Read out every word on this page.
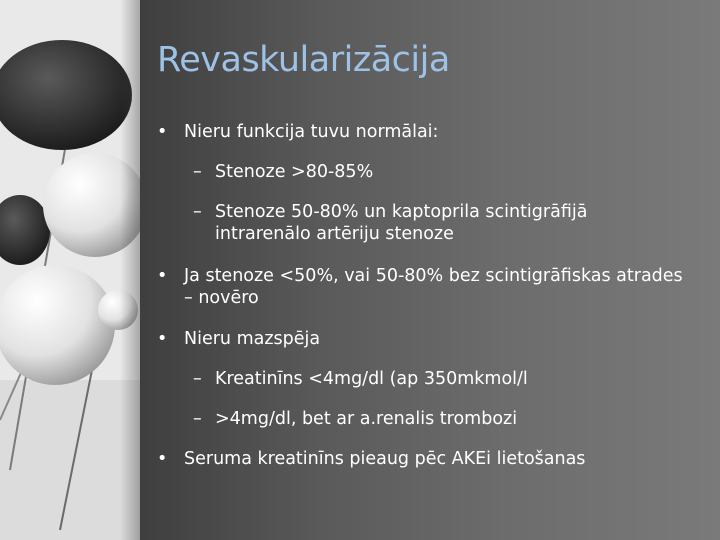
Revaskularizācija
• Nieru funkcija tuvu normālai:
– Stenoze >80-85%
– Stenoze 50-80% un kaptoprila scintigrāfijā
intrarenālo artēriju stenoze
• Ja stenoze <50%, vai 50-80% bez scintigrāfiskas atrades
– novēro
• Nieru mazspēja
– Kreatinīns <4mg/dl (ap 350mkmol/l
– >4mg/dl, bet ar a.renalis trombozi
• Seruma kreatinīns pieaug pēc AKEi lietošanas
